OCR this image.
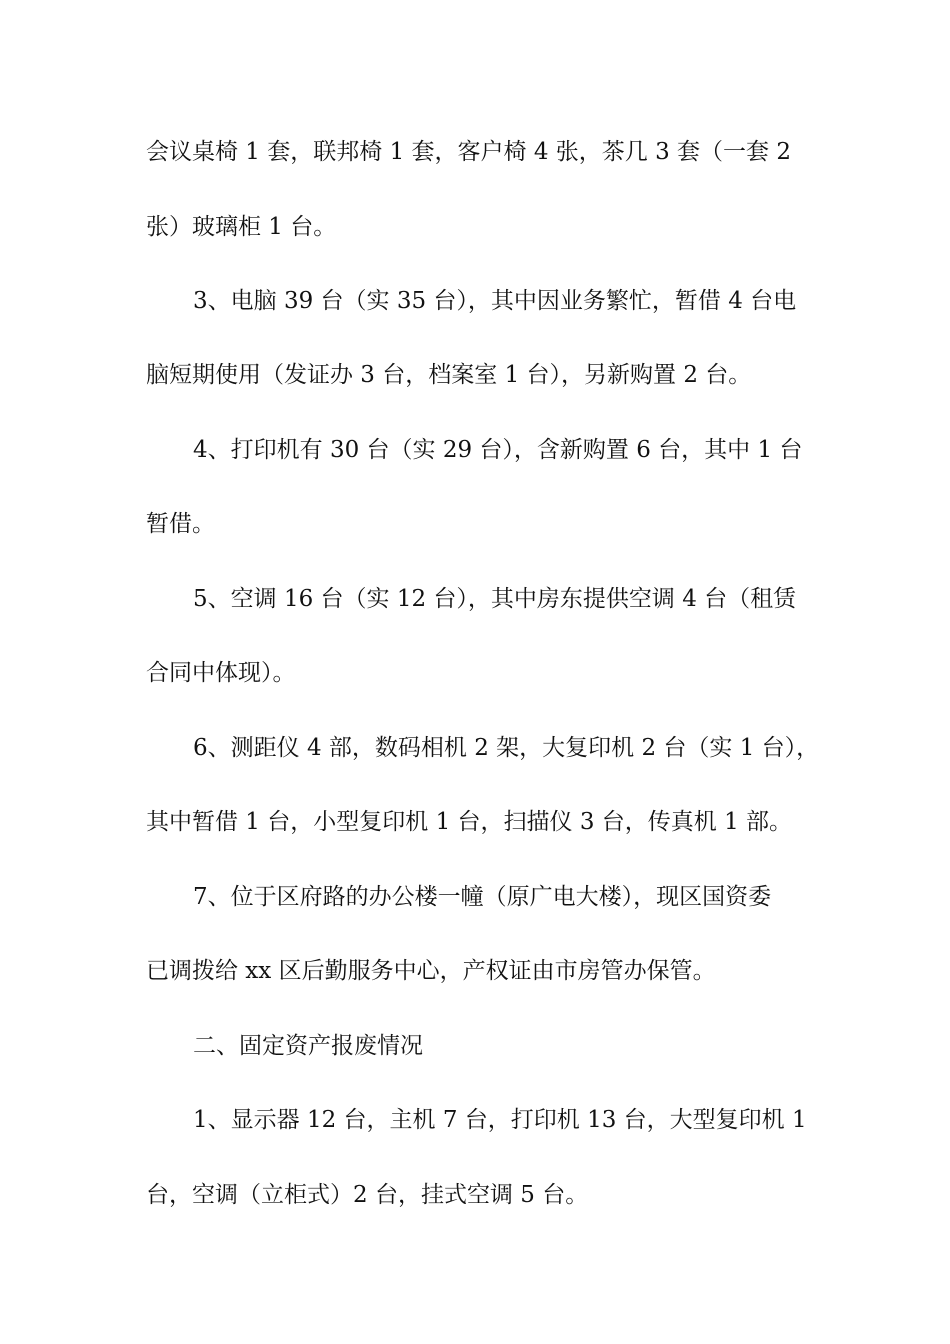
会议桌椅 1 套，联邦椅 1 套，客户椅 4 张，茶几 3 套（一套 2
张）玻璃柜 1 台。
3、电脑 39 台（实 35 台），其中因业务繁忙，暂借 4 台电
脑短期使用（发证办 3 台，档案室 1 台），另新购置 2 台。
4、打印机有 30 台（实 29 台），含新购置 6 台，其中 1 台
暂借。
5、空调 16 台（实 12 台），其中房东提供空调 4 台（租赁
合同中体现）。
6、测距仪 4 部，数码相机 2 架，大复印机 2 台（实 1 台），
其中暂借 1 台，小型复印机 1 台，扫描仪 3 台，传真机 1 部。
7、位于区府路的办公楼一幢（原广电大楼），现区国资委
已调拨给 xx 区后勤服务中心，产权证由市房管办保管。
二、固定资产报废情况
1、显示器 12 台，主机 7 台，打印机 13 台，大型复印机 1
台，空调（立柜式）2 台，挂式空调 5 台。
